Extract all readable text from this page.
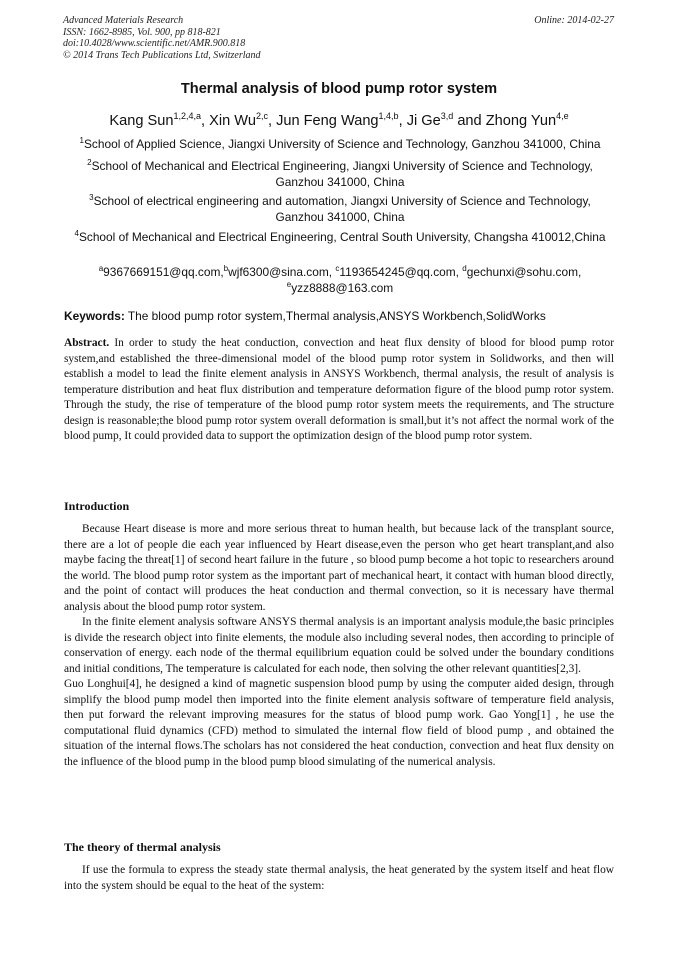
Advanced Materials Research
ISSN: 1662-8985, Vol. 900, pp 818-821
doi:10.4028/www.scientific.net/AMR.900.818
© 2014 Trans Tech Publications Ltd, Switzerland
Online: 2014-02-27
Thermal analysis of blood pump rotor system
Kang Sun$^{1,2,4,a}$, Xin Wu$^{2,c}$, Jun Feng Wang$^{1,4,b}$, Ji Ge$^{3,d}$ and Zhong Yun$^{4,e}$
$^1$School of Applied Science, Jiangxi University of Science and Technology, Ganzhou 341000, China
$^2$School of Mechanical and Electrical Engineering, Jiangxi University of Science and Technology, Ganzhou 341000, China
$^3$School of electrical engineering and automation, Jiangxi University of Science and Technology, Ganzhou 341000, China
$^4$School of Mechanical and Electrical Engineering, Central South University, Changsha 410012,China
$^a$9367669151@qq.com,$^b$wjf6300@sina.com, $^c$1193654245@qq.com, $^d$gechunxi@sohu.com,
$^e$yzz8888@163.com
Keywords: The blood pump rotor system,Thermal analysis,ANSYS Workbench,SolidWorks

Abstract. In order to study the heat conduction, convection and heat flux density of blood for blood pump rotor system,and established the three-dimensional model of the blood pump rotor system in Solidworks, and then will establish a model to lead the finite element analysis in ANSYS Workbench, thermal analysis, the result of analysis is temperature distribution and heat flux distribution and temperature deformation figure of the blood pump rotor system. Through the study, the rise of temperature of the blood pump rotor system meets the requirements, and The structure design is reasonable;the blood pump rotor system overall deformation is small,but it’s not affect the normal work of the blood pump, It could provided data to support the optimization design of the blood pump rotor system.

Introduction

Because Heart disease is more and more serious threat to human health, but because lack of the transplant source, there are a lot of people die each year influenced by Heart disease,even the person who get heart transplant,and also maybe facing the threat[1] of second heart failure in the future , so blood pump become a hot topic to researchers around the world. The blood pump rotor system as the important part of mechanical heart, it contact with human blood directly, and the point of contact will produces the heat conduction and thermal convection, so it is necessary have thermal analysis about the blood pump rotor system.

In the finite element analysis software ANSYS thermal analysis is an important analysis module,the basic principles is divide the research object into finite elements, the module also including several nodes, then according to principle of conservation of energy. each node of the thermal equilibrium equation could be solved under the boundary conditions and initial conditions, The temperature is calculated for each node, then solving the other relevant quantities[2,3].

Guo Longhui[4], he designed a kind of magnetic suspension blood pump by using the computer aided design, through simplify the blood pump model then imported into the finite element analysis software of temperature field analysis, then put forward the relevant improving measures for the status of blood pump work. Gao Yong[1] , he use the computational fluid dynamics (CFD) method to simulated the internal flow field of blood pump , and obtained the situation of the internal flows.The scholars has not considered the heat conduction, convection and heat flux density on the influence of the blood pump in the blood pump blood simulating of the numerical analysis.

The theory of thermal analysis

If use the formula to express the steady state thermal analysis, the heat generated by the system itself and heat flow into the system should be equal to the heat of the system:
